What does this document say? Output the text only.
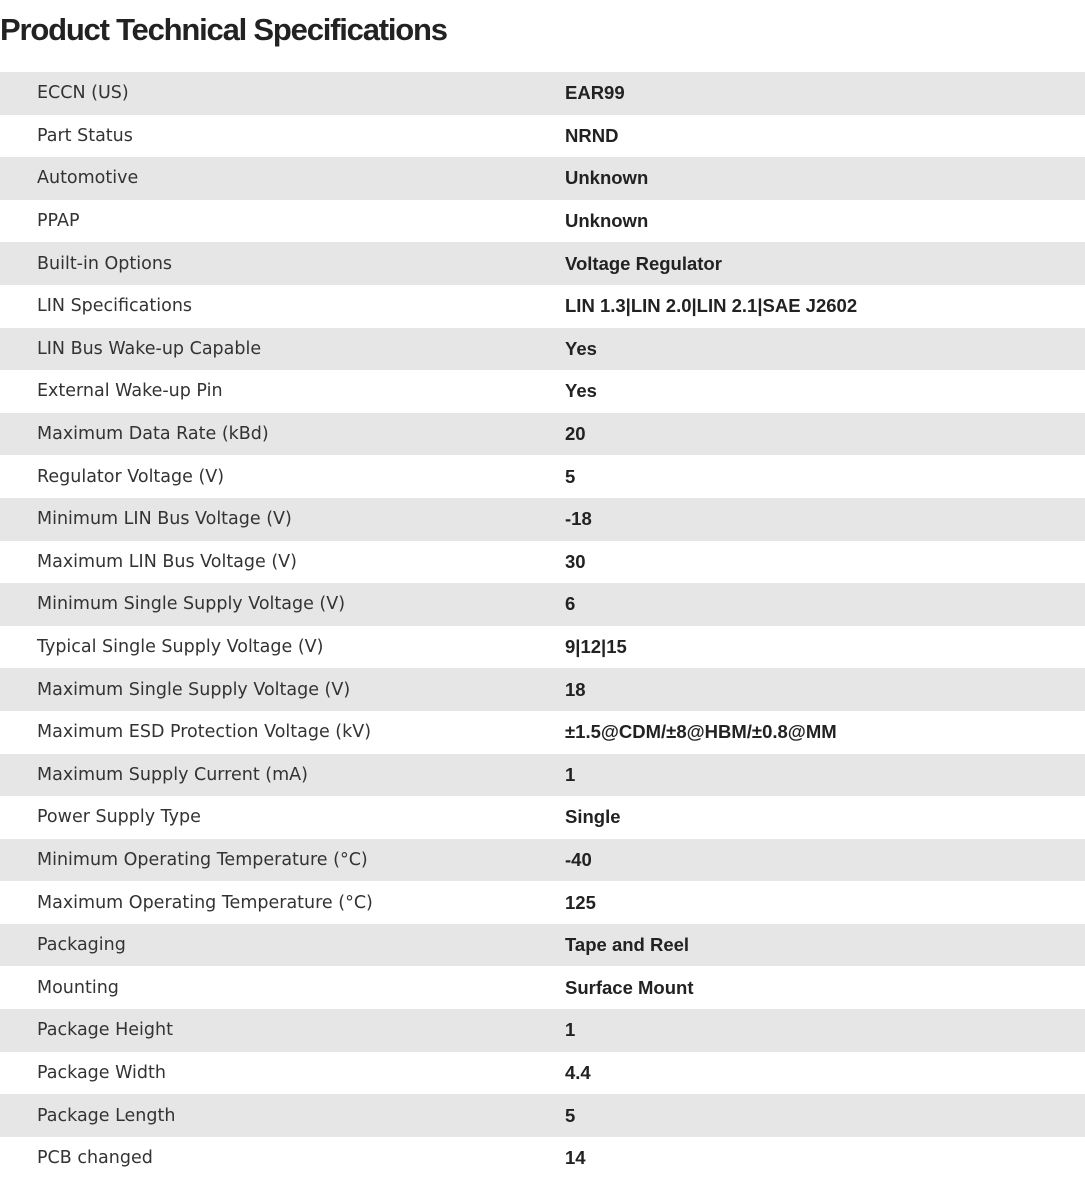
Product Technical Specifications
ECCN (US)	EAR99
Part Status	NRND
Automotive	Unknown
PPAP	Unknown
Built-in Options	Voltage Regulator
LIN Specifications	LIN 1.3|LIN 2.0|LIN 2.1|SAE J2602
LIN Bus Wake-up Capable	Yes
External Wake-up Pin	Yes
Maximum Data Rate (kBd)	20
Regulator Voltage (V)	5
Minimum LIN Bus Voltage (V)	-18
Maximum LIN Bus Voltage (V)	30
Minimum Single Supply Voltage (V)	6
Typical Single Supply Voltage (V)	9|12|15
Maximum Single Supply Voltage (V)	18
Maximum ESD Protection Voltage (kV)	±1.5@CDM/±8@HBM/±0.8@MM
Maximum Supply Current (mA)	1
Power Supply Type	Single
Minimum Operating Temperature (°C)	-40
Maximum Operating Temperature (°C)	125
Packaging	Tape and Reel
Mounting	Surface Mount
Package Height	1
Package Width	4.4
Package Length	5
PCB changed	14
